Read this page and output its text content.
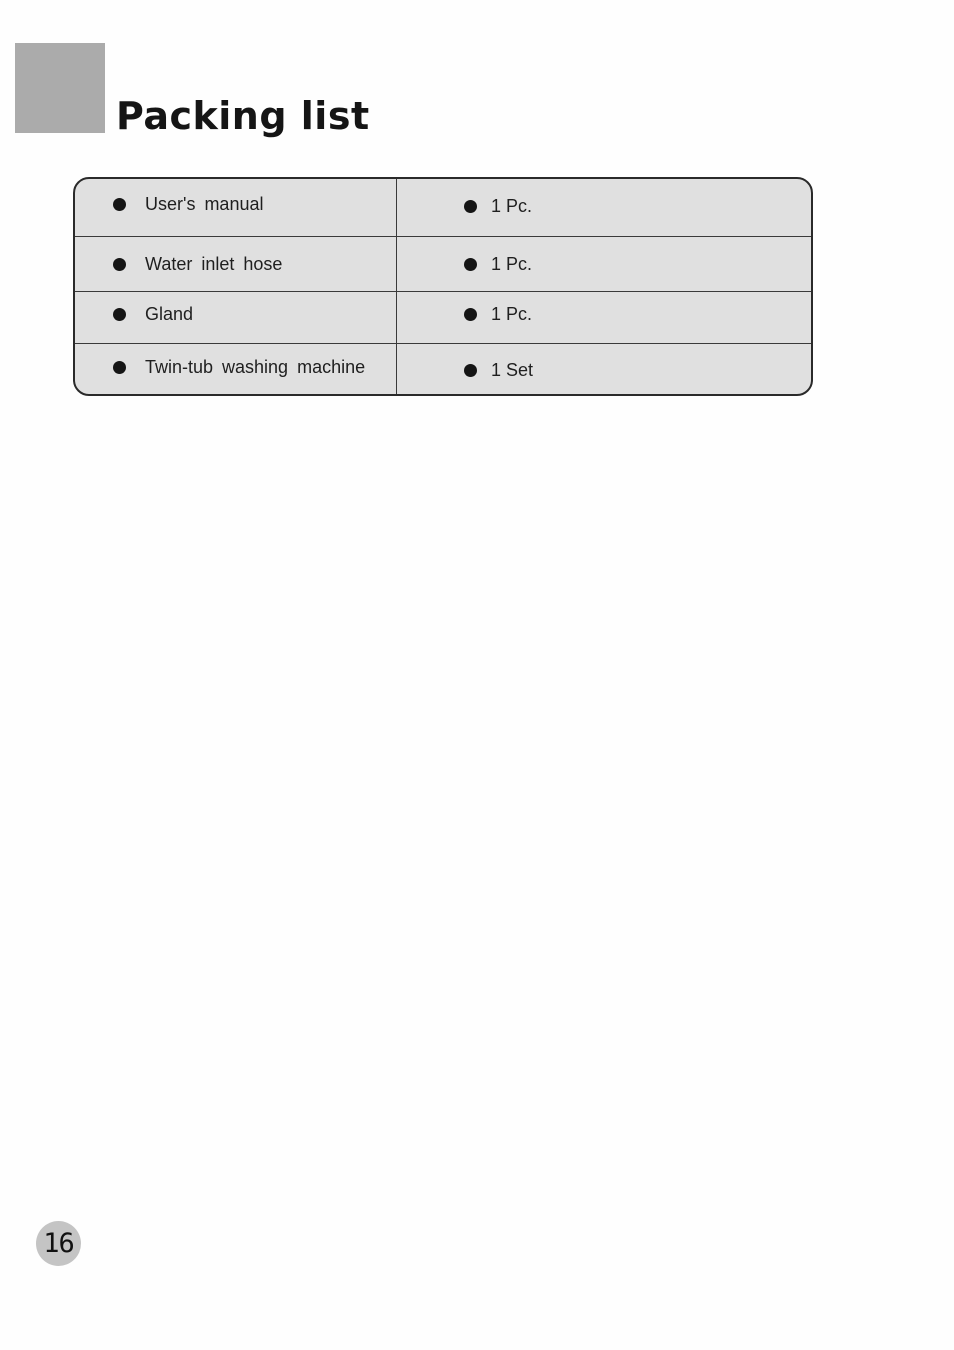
Packing list
User's manual	1 Pc.
Water inlet hose	1 Pc.
Gland	1 Pc.
Twin-tub washing machine	1 Set
16
